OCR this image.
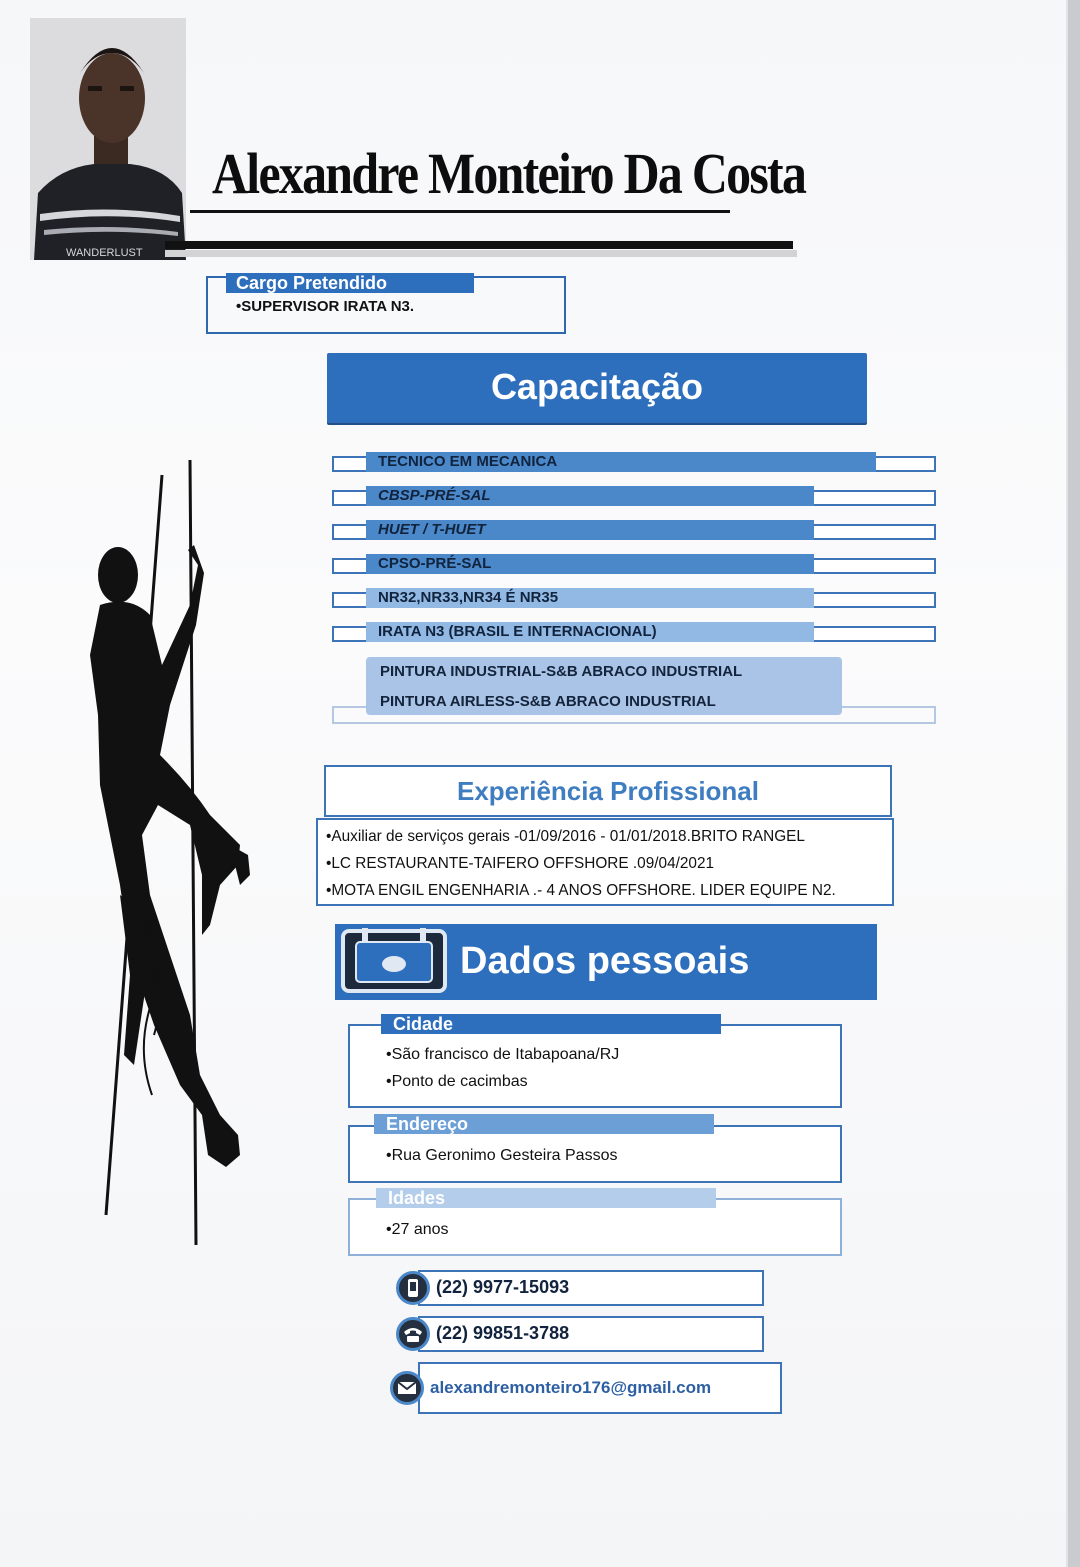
WANDERLUST
Alexandre Monteiro Da Costa
Cargo Pretendido
•SUPERVISOR IRATA N3.
Capacitação
TECNICO EM MECANICA
CBSP-PRÉ-SAL
HUET / T-HUET
CPSO-PRÉ-SAL
NR32,NR33,NR34 É NR35
IRATA N3 (BRASIL E INTERNACIONAL)
PINTURA INDUSTRIAL-S&B ABRACO INDUSTRIAL
PINTURA AIRLESS-S&B ABRACO INDUSTRIAL
Experiência Profissional
•Auxiliar de serviços gerais -01/09/2016 - 01/01/2018.BRITO RANGEL
•LC RESTAURANTE-TAIFERO OFFSHORE .09/04/2021
•MOTA ENGIL ENGENHARIA .- 4 ANOS OFFSHORE. LIDER EQUIPE N2.
Dados pessoais
Cidade
•São francisco de Itabapoana/RJ
•Ponto de cacimbas
Endereço
•Rua Geronimo Gesteira Passos
Idades
•27 anos
(22) 9977-15093
(22) 99851-3788
alexandremonteiro176@gmail.com
